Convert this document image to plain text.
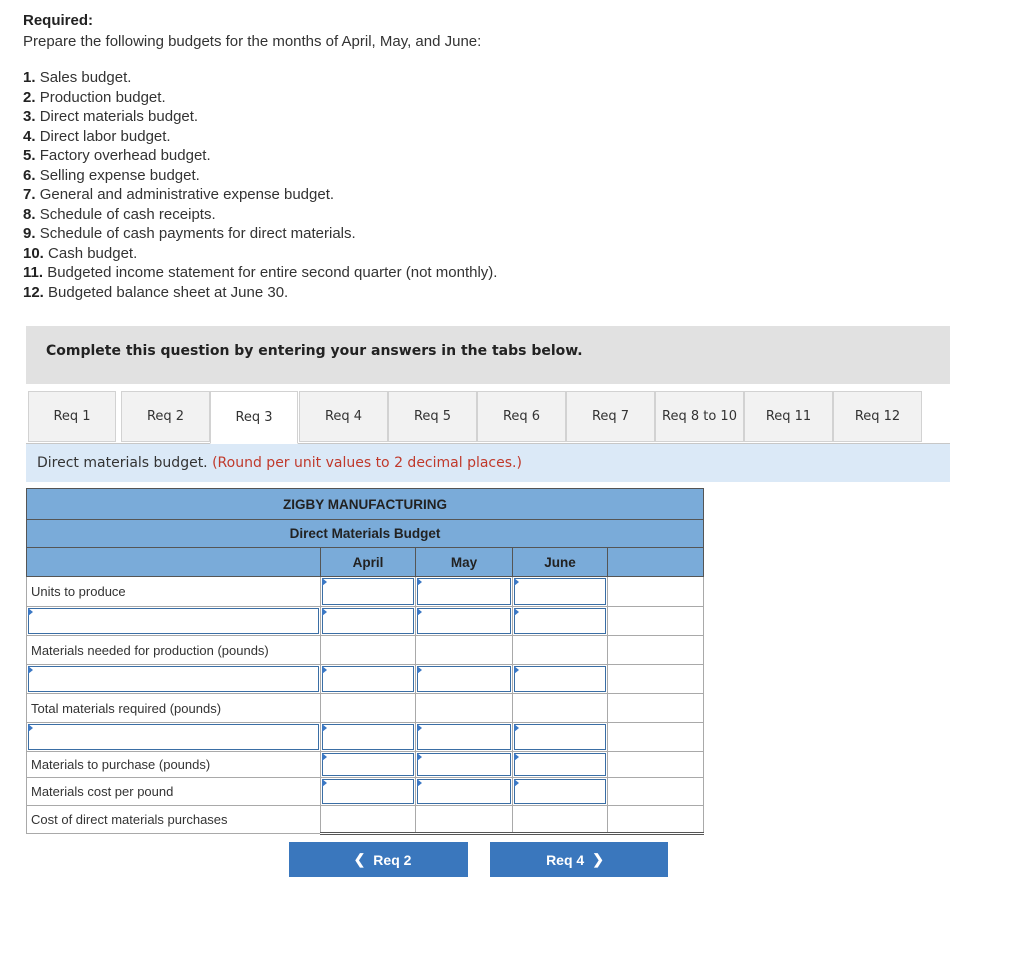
Required:
Prepare the following budgets for the months of April, May, and June:
1. Sales budget.
2. Production budget.
3. Direct materials budget.
4. Direct labor budget.
5. Factory overhead budget.
6. Selling expense budget.
7. General and administrative expense budget.
8. Schedule of cash receipts.
9. Schedule of cash payments for direct materials.
10. Cash budget.
11. Budgeted income statement for entire second quarter (not monthly).
12. Budgeted balance sheet at June 30.
Complete this question by entering your answers in the tabs below.
Req 1	Req 2	Req 3	Req 4	Req 5	Req 6	Req 7	Req 8 to 10	Req 11	Req 12
Direct materials budget. (Round per unit values to 2 decimal places.)
ZIGBY MANUFACTURING				
Direct Materials Budget				
	April	May	June	
Units to produce	

Materials needed for production (pounds)				

Total materials required (pounds)				

Materials to purchase (pounds)	

Materials cost per pound	

Cost of direct materials purchases				
❮ Req 2	Req 4 ❯
